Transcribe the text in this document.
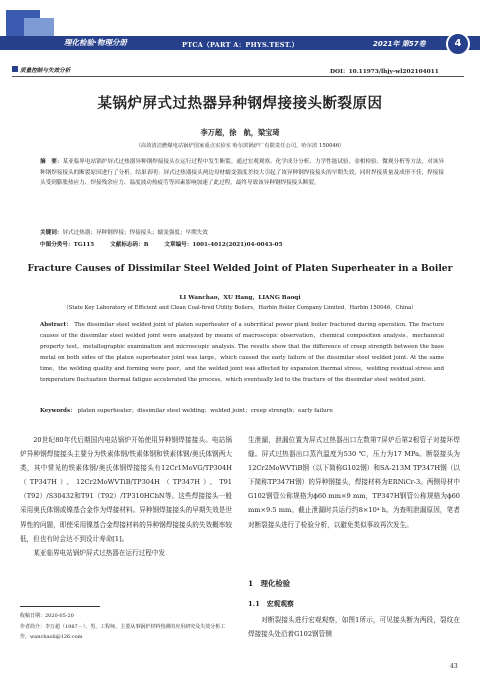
理化检验·物理分册	PTCA（PART A：PHYS.TEST.）	2021年 第57卷	4
质量控制与失效分析	DOI：10.11973/lhjy-wl202104011
某锅炉屏式过热器异种钢焊接接头断裂原因
李万超，徐　航，梁宝琦
（高效清洁燃煤电站锅炉国家重点实验室 哈尔滨锅炉厂有限责任公司，哈尔滨 150046）
摘　要：某亚临界电站锅炉屏式过热器异种钢焊接接头在运行过程中发生断裂。通过宏观观察、化学成分分析、力学性能试验、金相检验、微观分析等方法，对该异种钢焊接接头的断裂原因进行了分析。结果表明：屏式过热器接头两边母材蠕变强度差较大引起了该异种钢焊接接头的早期失效，同时焊接质量及成形不佳，焊接接头受到膨胀热应力、焊接残余应力、温度波动热疲劳等因素影响加速了此过程，最终导致该异种钢焊接接头断裂。
关键词：屏式过热器；异种钢焊接；焊接接头；蠕变强度；早期失效
中图分类号：TG115	文献标志码：B	文章编号：1001-4012(2021)04-0043-05
Fracture Causes of Dissimilar Steel Welded Joint of Platen Superheater in a Boiler
LI Wanchao，XU Hang，LIANG Baoqi
（State Key Laboratory of Efficient and Clean Coal-fired Utility Boilers，Harbin Boiler Company Limited，Harbin 150046，China）
Abstract： The dissimilar steel welded joint of platen superheater of a subcritical power plant boiler fractured during operation. The fracture causes of the dissimilar steel welded joint were analyzed by means of macroscopic observation，chemical composition analysis，mechanical property test，metallographic examination and microscopic analysis. The results show that the difference of creep strength between the base metal on both sides of the platen superheater joint was large，which caused the early failure of the dissimilar steel welded joint. At the same time，the welding quality and forming were poor，and the welded joint was affected by expansion thermal stress，welding residual stress and temperature fluctuation thermal fatigue accelerated the process，which eventually led to the fracture of the dissimilar steel welded joint.
Keywords： platen superheater；dissimilar steel welding；welded joint；creep strength；early failure

20世纪80年代后期国内电站锅炉开始使用异种钢焊接接头。电站锅炉异种钢焊接接头主要分为铁素体钢/铁素体钢和铁素体钢/奥氏体钢两大类，其中常见的铁素体钢/奥氏体钢焊接接头有12Cr1MoVG/TP304H（TP347H）、12Cr2MoWVTiB/TP304H（TP347H）、T91（T92）/S30432和T91（T92）/TP310HCbN等。这些焊接接头一般采用奥氏体钢或镍基合金作为焊接材料。异种钢焊接接头的早期失效是世界性的问题，即使采用镍基合金焊接材料的异种钢焊接接头的失效概率较低，但也有时会达不到设计寿命[1]。

某亚临界电站锅炉屏式过热器在运行过程中发

收稿日期：2020-05-20
作者简介：李万超（1987－），男，工程师，主要从事锅炉材料热测的应用研究及失效分析工作，wanchaoli@126.com

生泄漏，泄漏位置为屏式过热器出口左数第7屏炉后第2根管子对接环焊缝。屏式过热器出口蒸汽温度为530 ℃，压力为17 MPa。断裂接头为12Cr2MoWVTiB钢（以下简称G102钢）和SA-213M TP347H钢（以下简称TP347H钢）的异种钢接头，焊接材料为ERNiCr-3。两侧母材中G102钢管公称规格为ϕ60 mm×9 mm，TP347H钢管公称规格为ϕ60 mm×9.5 mm。截止泄漏时共运行约8×10⁴ h。为查明泄漏原因，笔者对断裂接头进行了检验分析，以避免类似事故再次发生。

1　理化检验
1.1　宏观观察

对断裂接头进行宏观观察，如图1所示，可见接头断为两段，裂纹在焊接接头处沿着G102钢管侧

43
